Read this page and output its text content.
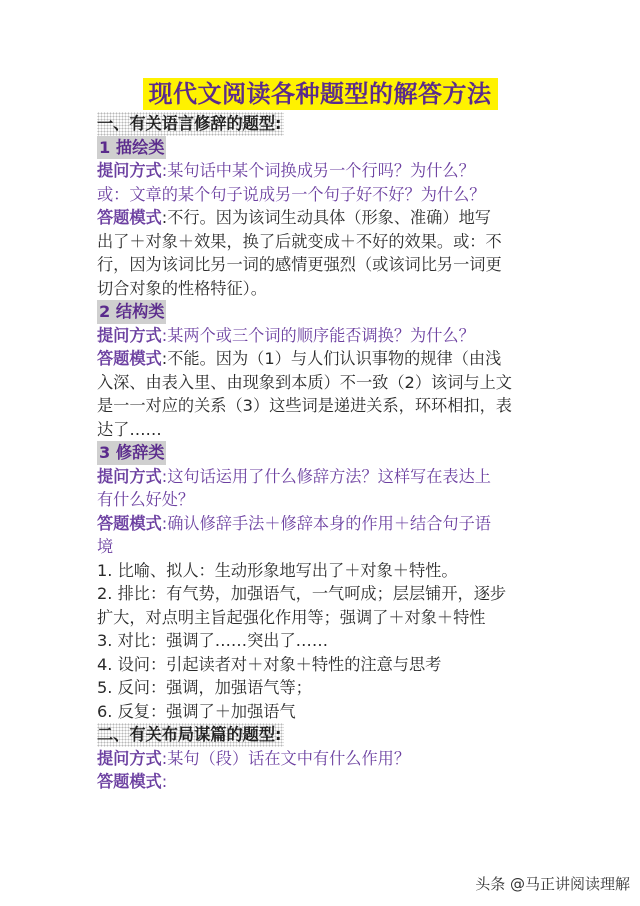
现代文阅读各种题型的解答方法
一、有关语言修辞的题型:
1 描绘类
提问方式:某句话中某个词换成另一个行吗？为什么？
或：文章的某个句子说成另一个句子好不好？为什么？
答题模式:不行。因为该词生动具体（形象、准确）地写
出了＋对象＋效果，换了后就变成＋不好的效果。或：不
行，因为该词比另一词的感情更强烈（或该词比另一词更
切合对象的性格特征）。
2 结构类
提问方式:某两个或三个词的顺序能否调换？为什么？
答题模式:不能。因为（1）与人们认识事物的规律（由浅
入深、由表入里、由现象到本质）不一致（2）该词与上文
是一一对应的关系（3）这些词是递进关系，环环相扣，表
达了……
3 修辞类
提问方式:这句话运用了什么修辞方法？这样写在表达上
有什么好处？
答题模式:确认修辞手法＋修辞本身的作用＋结合句子语
境
1. 比喻、拟人：生动形象地写出了＋对象＋特性。
2. 排比：有气势，加强语气，一气呵成；层层铺开，逐步
扩大，对点明主旨起强化作用等；强调了＋对象＋特性
3. 对比：强调了……突出了……
4. 设问：引起读者对＋对象＋特性的注意与思考
5. 反问：强调，加强语气等；
6. 反复：强调了＋加强语气
二、有关布局谋篇的题型:
提问方式:某句（段）话在文中有什么作用？
答题模式:
头条 @马正讲阅读理解
